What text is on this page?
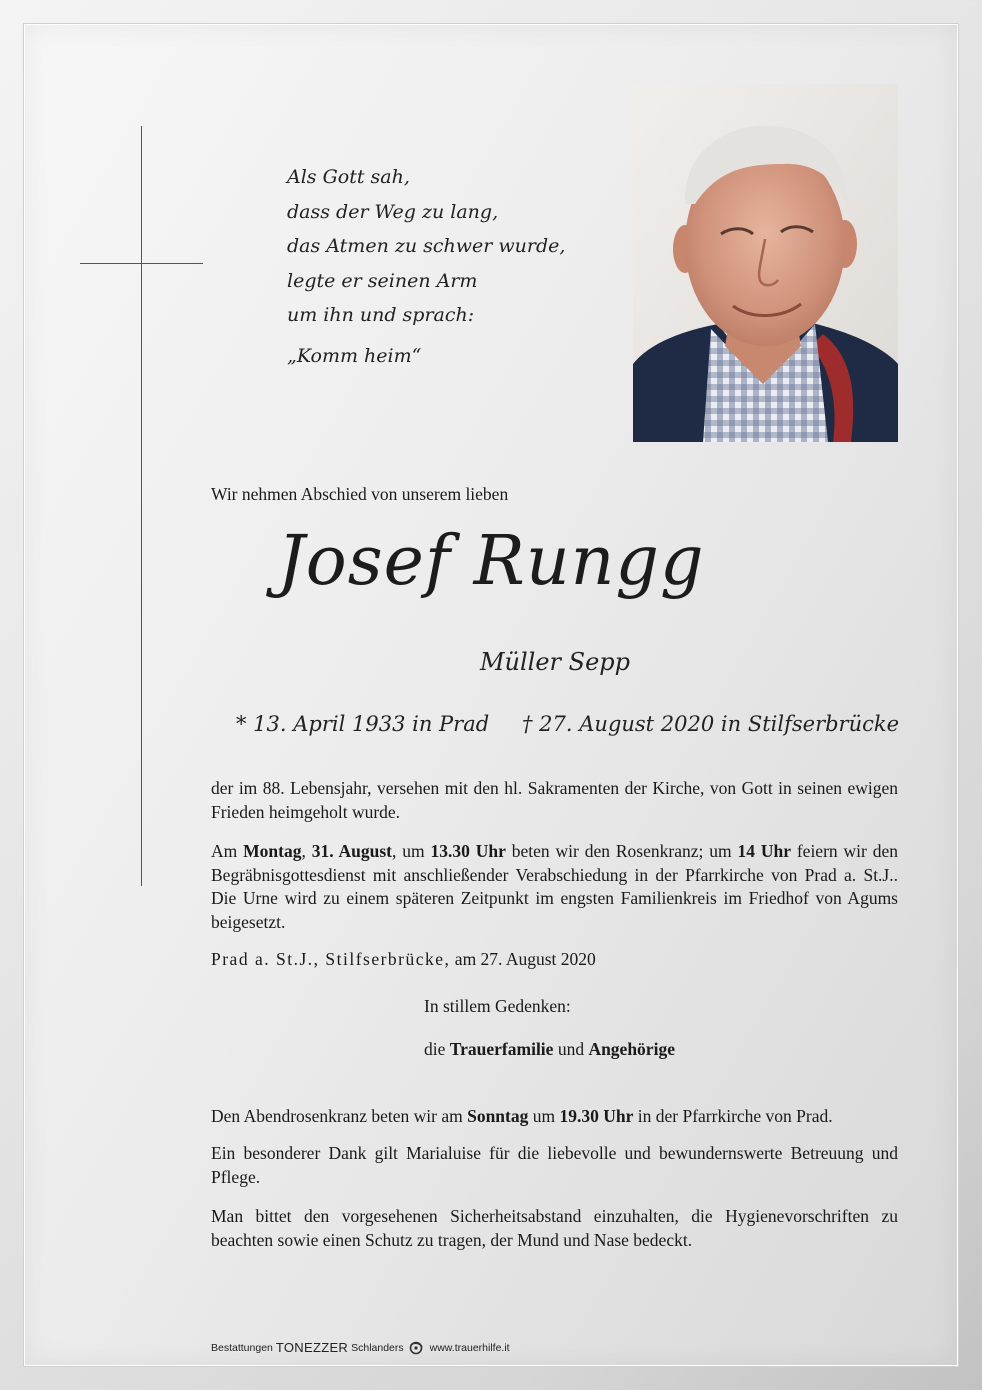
Als Gott sah,
dass der Weg zu lang,
das Atmen zu schwer wurde,
legte er seinen Arm
um ihn und sprach:
„Komm heim“
Wir nehmen Abschied von unserem lieben
Josef Rungg
Müller Sepp
* 13. April 1933 in Prad † 27. August 2020 in Stilfserbrücke
der im 88. Lebensjahr, versehen mit den hl. Sakramenten der Kirche, von Gott in seinen ewigen Frieden heimgeholt wurde.
Am Montag, 31. August, um 13.30 Uhr beten wir den Rosenkranz; um 14 Uhr feiern wir den Begräbnisgottesdienst mit anschließender Verabschiedung in der Pfarrkirche von Prad a. St.J.. Die Urne wird zu einem späteren Zeitpunkt im engsten Familienkreis im Friedhof von Agums beigesetzt.
Prad a. St.J., Stilfserbrücke, am 27. August 2020
In stillem Gedenken:
die Trauerfamilie und Angehörige
Den Abendrosenkranz beten wir am Sonntag um 19.30 Uhr in der Pfarrkirche von Prad.
Ein besonderer Dank gilt Marialuise für die liebevolle und bewundernswerte Betreuung und Pflege.
Man bittet den vorgesehenen Sicherheitsabstand einzuhalten, die Hygienevorschriften zu beachten sowie einen Schutz zu tragen, der Mund und Nase bedeckt.
Bestattungen TONEZZER Schlanders www.trauerhilfe.it
